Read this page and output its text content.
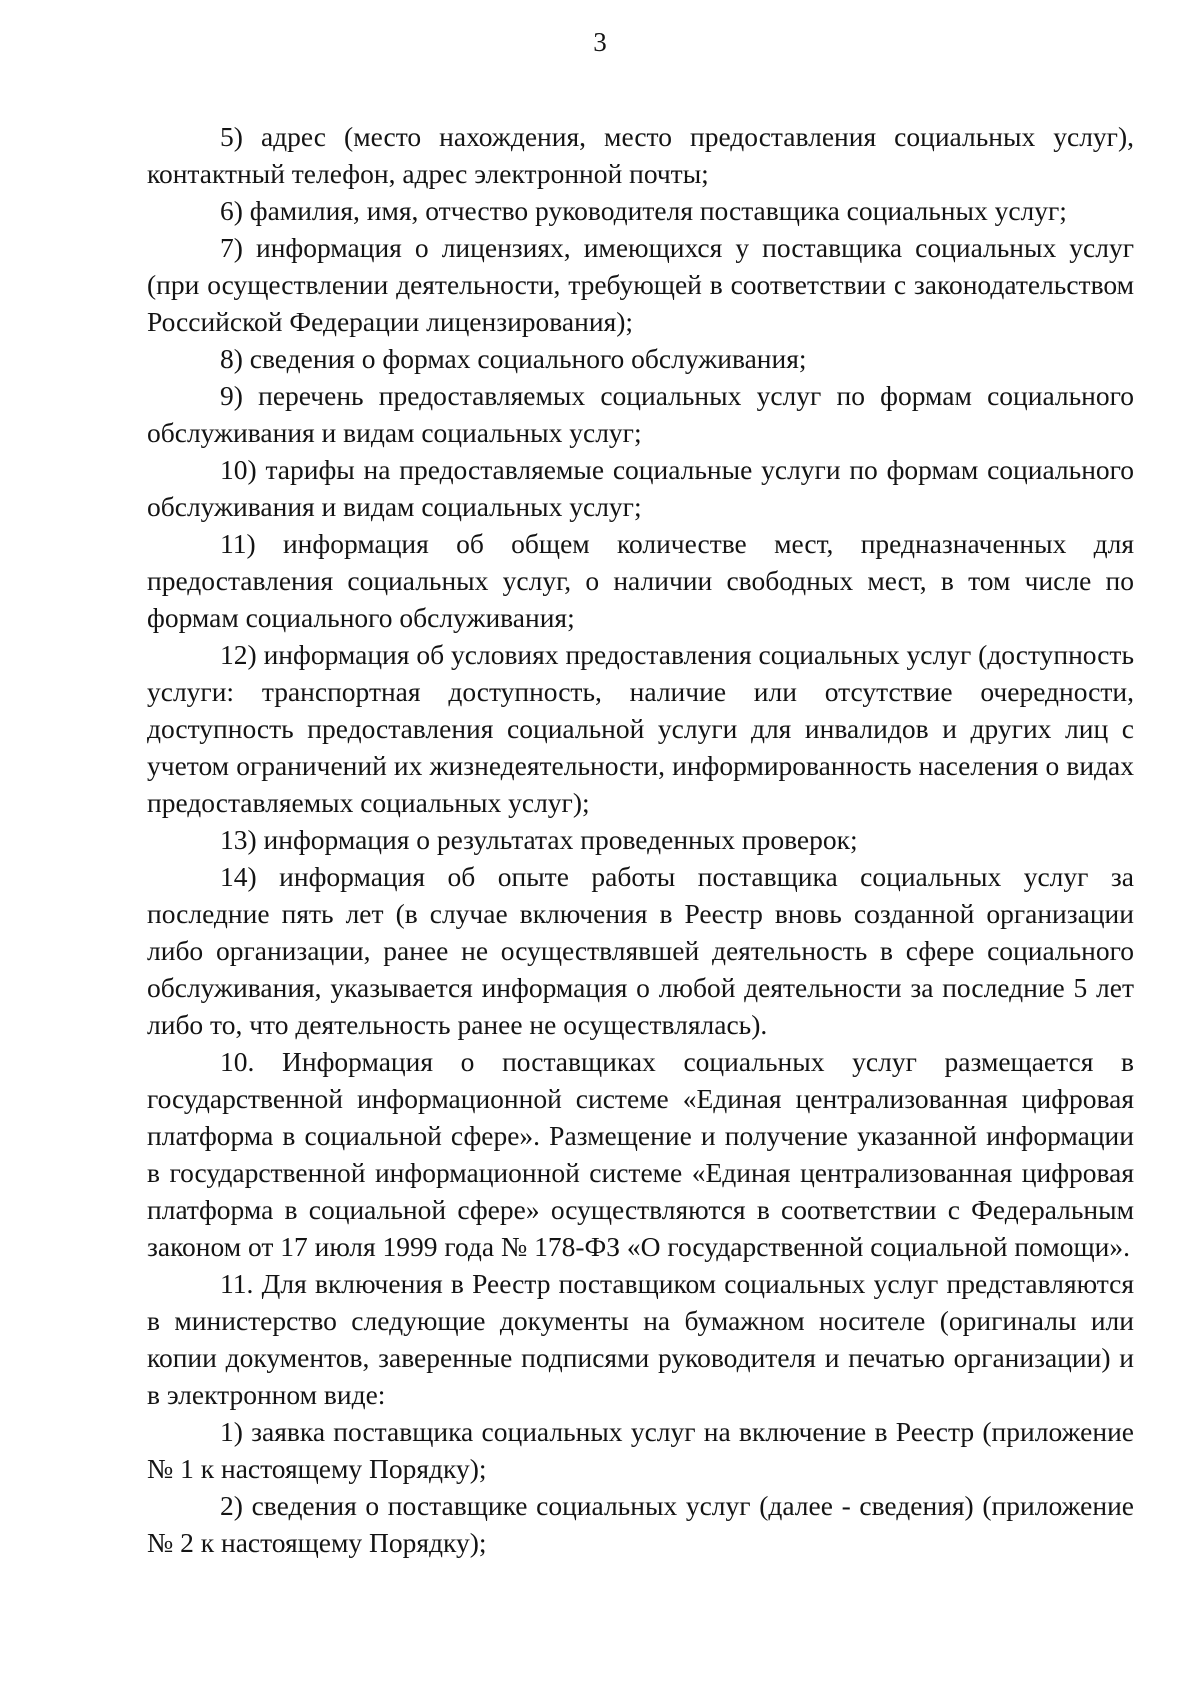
3

5) адрес (место нахождения, место предоставления социальных услуг), контактный телефон, адрес электронной почты;

6) фамилия, имя, отчество руководителя поставщика социальных услуг;

7) информация о лицензиях, имеющихся у поставщика социальных услуг (при осуществлении деятельности, требующей в соответствии с законодательством Российской Федерации лицензирования);

8) сведения о формах социального обслуживания;

9) перечень предоставляемых социальных услуг по формам социального обслуживания и видам социальных услуг;

10) тарифы на предоставляемые социальные услуги по формам социального обслуживания и видам социальных услуг;

11) информация об общем количестве мест, предназначенных для предоставления социальных услуг, о наличии свободных мест, в том числе по формам социального обслуживания;

12) информация об условиях предоставления социальных услуг (доступность услуги: транспортная доступность, наличие или отсутствие очередности, доступность предоставления социальной услуги для инвалидов и других лиц с учетом ограничений их жизнедеятельности, информированность населения о видах предоставляемых социальных услуг);

13) информация о результатах проведенных проверок;

14) информация об опыте работы поставщика социальных услуг за последние пять лет (в случае включения в Реестр вновь созданной организации либо организации, ранее не осуществлявшей деятельность в сфере социального обслуживания, указывается информация о любой деятельности за последние 5 лет либо то, что деятельность ранее не осуществлялась).

10. Информация о поставщиках социальных услуг размещается в государственной информационной системе «Единая централизованная цифровая платформа в социальной сфере». Размещение и получение указанной информации в государственной информационной системе «Единая централизованная цифровая платформа в социальной сфере» осуществляются в соответствии с Федеральным законом от 17 июля 1999 года № 178-ФЗ «О государственной социальной помощи».

11. Для включения в Реестр поставщиком социальных услуг представляются в министерство следующие документы на бумажном носителе (оригиналы или копии документов, заверенные подписями руководителя и печатью организации) и в электронном виде:

1) заявка поставщика социальных услуг на включение в Реестр (приложение № 1 к настоящему Порядку);

2) сведения о поставщике социальных услуг (далее - сведения) (приложение № 2 к настоящему Порядку);
